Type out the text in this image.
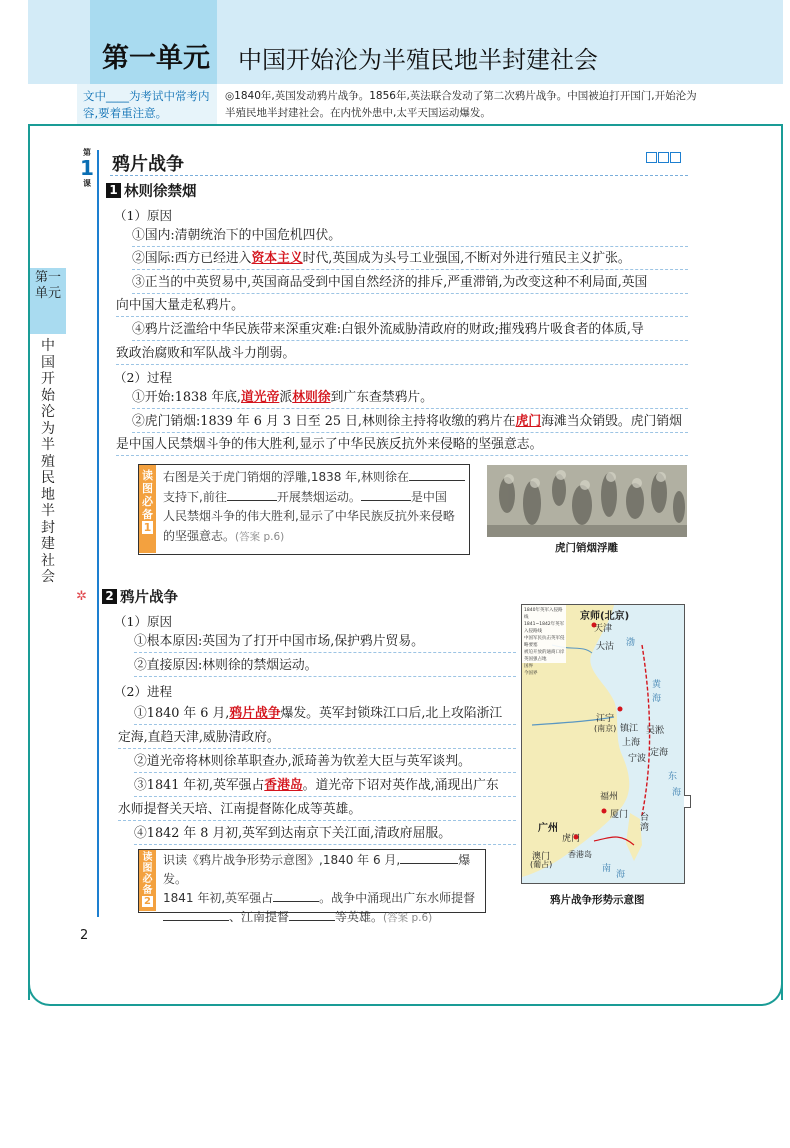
第一单元 中国开始沦为半殖民地半封建社会
文中____为考试中常考内容,要着重注意。
◎1840年,英国发动鸦片战争。1856年,英法联合发动了第二次鸦片战争。中国被迫打开国门,开始沦为
半殖民地半封建社会。在内忧外患中,太平天国运动爆发。
第一单元
中国开始沦为半殖民地半封建社会
第
1
课
鸦片战争
1 林则徐禁烟
（1）原因
①国内:清朝统治下的中国危机四伏。
②国际:西方已经进入资本主义时代,英国成为头号工业强国,不断对外进行殖民主义扩张。
③正当的中英贸易中,英国商品受到中国自然经济的排斥,严重滞销,为改变这种不利局面,英国
向中国大量走私鸦片。
④鸦片泛滥给中华民族带来深重灾难:白银外流威胁清政府的财政;摧残鸦片吸食者的体质,导
致政治腐败和军队战斗力削弱。
（2）过程
①开始:1838 年底,道光帝派林则徐到广东查禁鸦片。
②虎门销烟:1839 年 6 月 3 日至 25 日,林则徐主持将收缴的鸦片在虎门海滩当众销毁。虎门销烟
是中国人民禁烟斗争的伟大胜利,显示了中华民族反抗外来侵略的坚强意志。
读图必备
1
右图是关于虎门销烟的浮雕,1838 年,林则徐在
支持下,前往	开展禁烟运动。	是中国
人民禁烟斗争的伟大胜利,显示了中华民族反抗外来侵略
的坚强意志。(答案 p.6)
虎门销烟浮雕
✲ 2 鸦片战争
（1）原因
①根本原因:英国为了打开中国市场,保护鸦片贸易。
②直接原因:林则徐的禁烟运动。
（2）进程
①1840 年 6 月,鸦片战争爆发。英军封锁珠江口后,北上攻陷浙江
定海,直趋天津,威胁清政府。
②道光帝将林则徐革职查办,派琦善为钦差大臣与英军谈判。
③1841 年初,英军强占香港岛。道光帝下诏对英作战,涌现出广东
水师提督关天培、江南提督陈化成等英雄。
④1842 年 8 月初,英军到达南京下关江面,清政府屈服。
读图必备
2
识读《鸦片战争形势示意图》,1840 年 6 月,	爆发。
1841 年初,英军强占	。战争中涌现出广东水师提督
、江南提督	等英雄。(答案 p.6)
京师(北京)
天津
大沽
江宁
(南京) 镇江
上海
吴淞
宁波
定海
福州
厦门 台湾
广州
虎门
澳门
(葡占)
香港岛
东
海
黄
渤
海
南
海
1840年英军入侵路线
1841~1842年英军入侵路线
中国军民抗击英军侵略要塞
被迫开放的通商口岸
英国强占地
国界
今国界
鸦片战争形势示意图
2
